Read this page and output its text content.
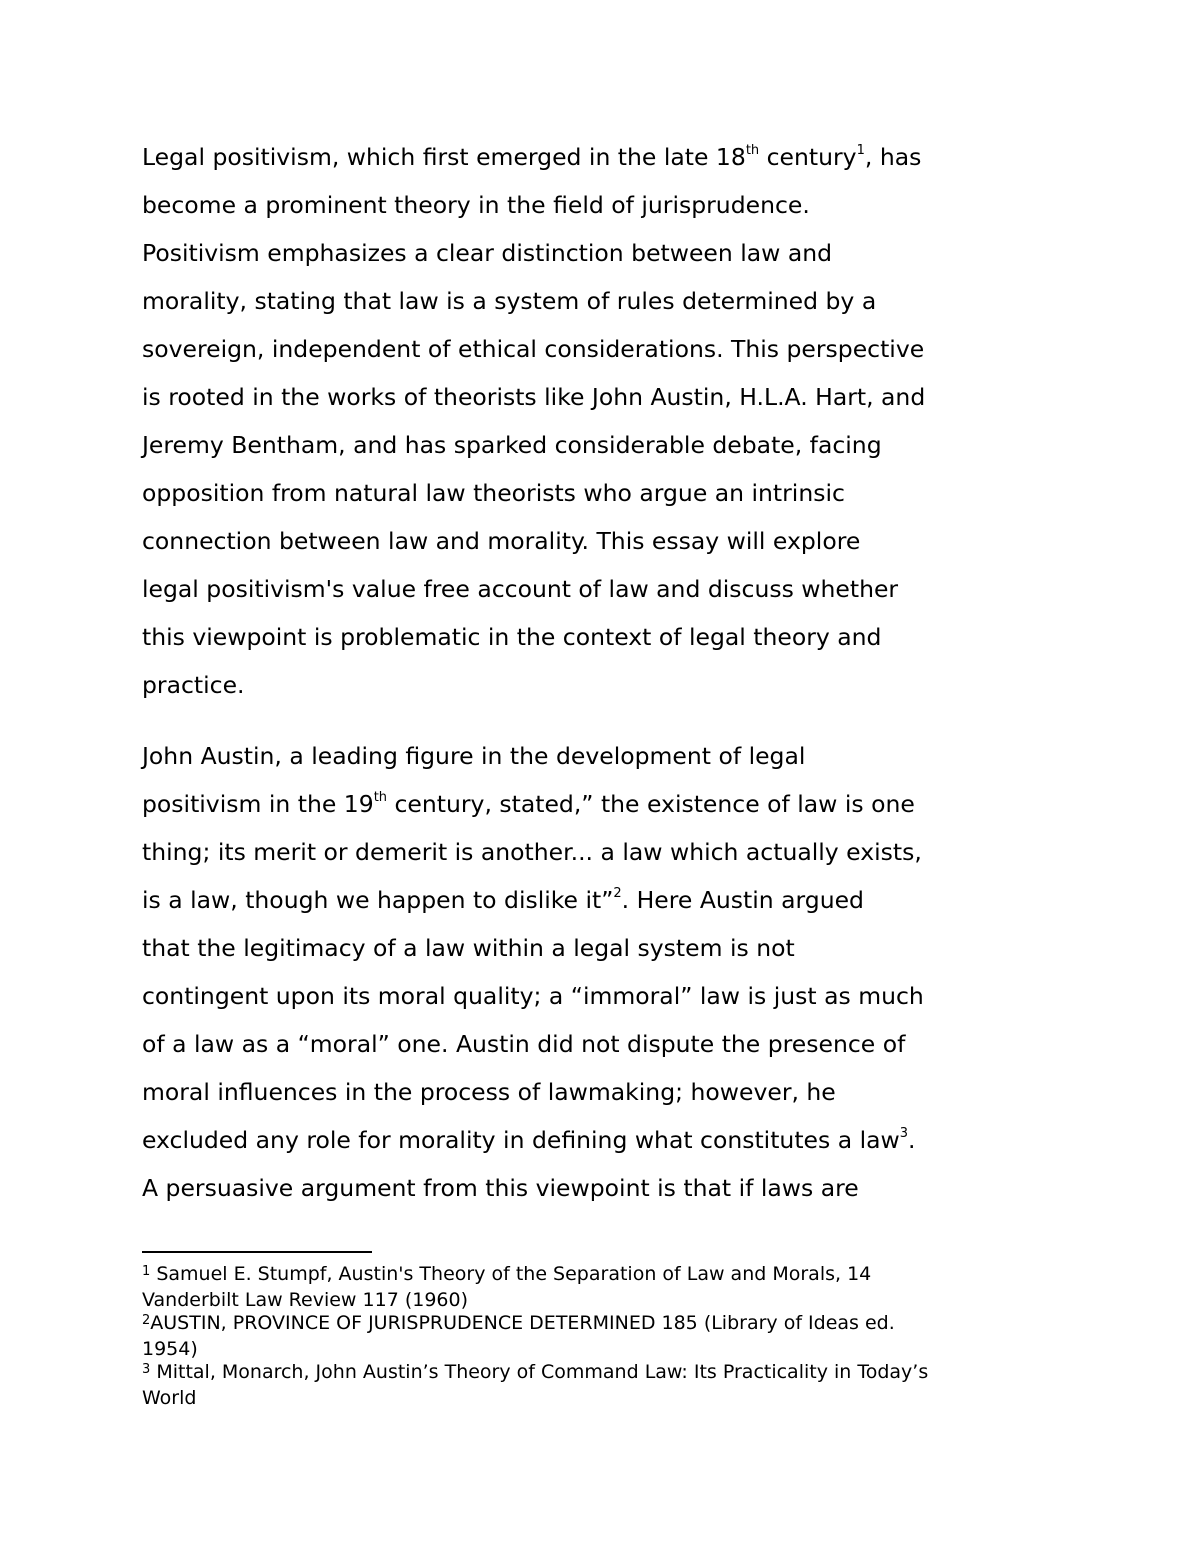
Legal positivism, which first emerged in the late 18th century$^1$, has
become a prominent theory in the field of jurisprudence.
Positivism emphasizes a clear distinction between law and
morality, stating that law is a system of rules determined by a
sovereign, independent of ethical considerations. This perspective
is rooted in the works of theorists like John Austin, H.L.A. Hart, and
Jeremy Bentham, and has sparked considerable debate, facing
opposition from natural law theorists who argue an intrinsic
connection between law and morality. This essay will explore
legal positivism's value free account of law and discuss whether
this viewpoint is problematic in the context of legal theory and
practice.
John Austin, a leading figure in the development of legal
positivism in the 19th century, stated,” the existence of law is one
thing; its merit or demerit is another... a law which actually exists,
is a law, though we happen to dislike it”$^2$. Here Austin argued
that the legitimacy of a law within a legal system is not
contingent upon its moral quality; a “immoral” law is just as much
of a law as a “moral” one. Austin did not dispute the presence of
moral influences in the process of lawmaking; however, he
excluded any role for morality in defining what constitutes a law$^3$.
A persuasive argument from this viewpoint is that if laws are
$^1$ Samuel E. Stumpf, Austin's Theory of the Separation of Law and Morals, 14
Vanderbilt Law Review 117 (1960)
$^2$AUSTIN, PROVINCE OF JURISPRUDENCE DETERMINED 185 (Library of Ideas ed.
1954)
$^3$ Mittal, Monarch, John Austin’s Theory of Command Law: Its Practicality in Today’s
World
